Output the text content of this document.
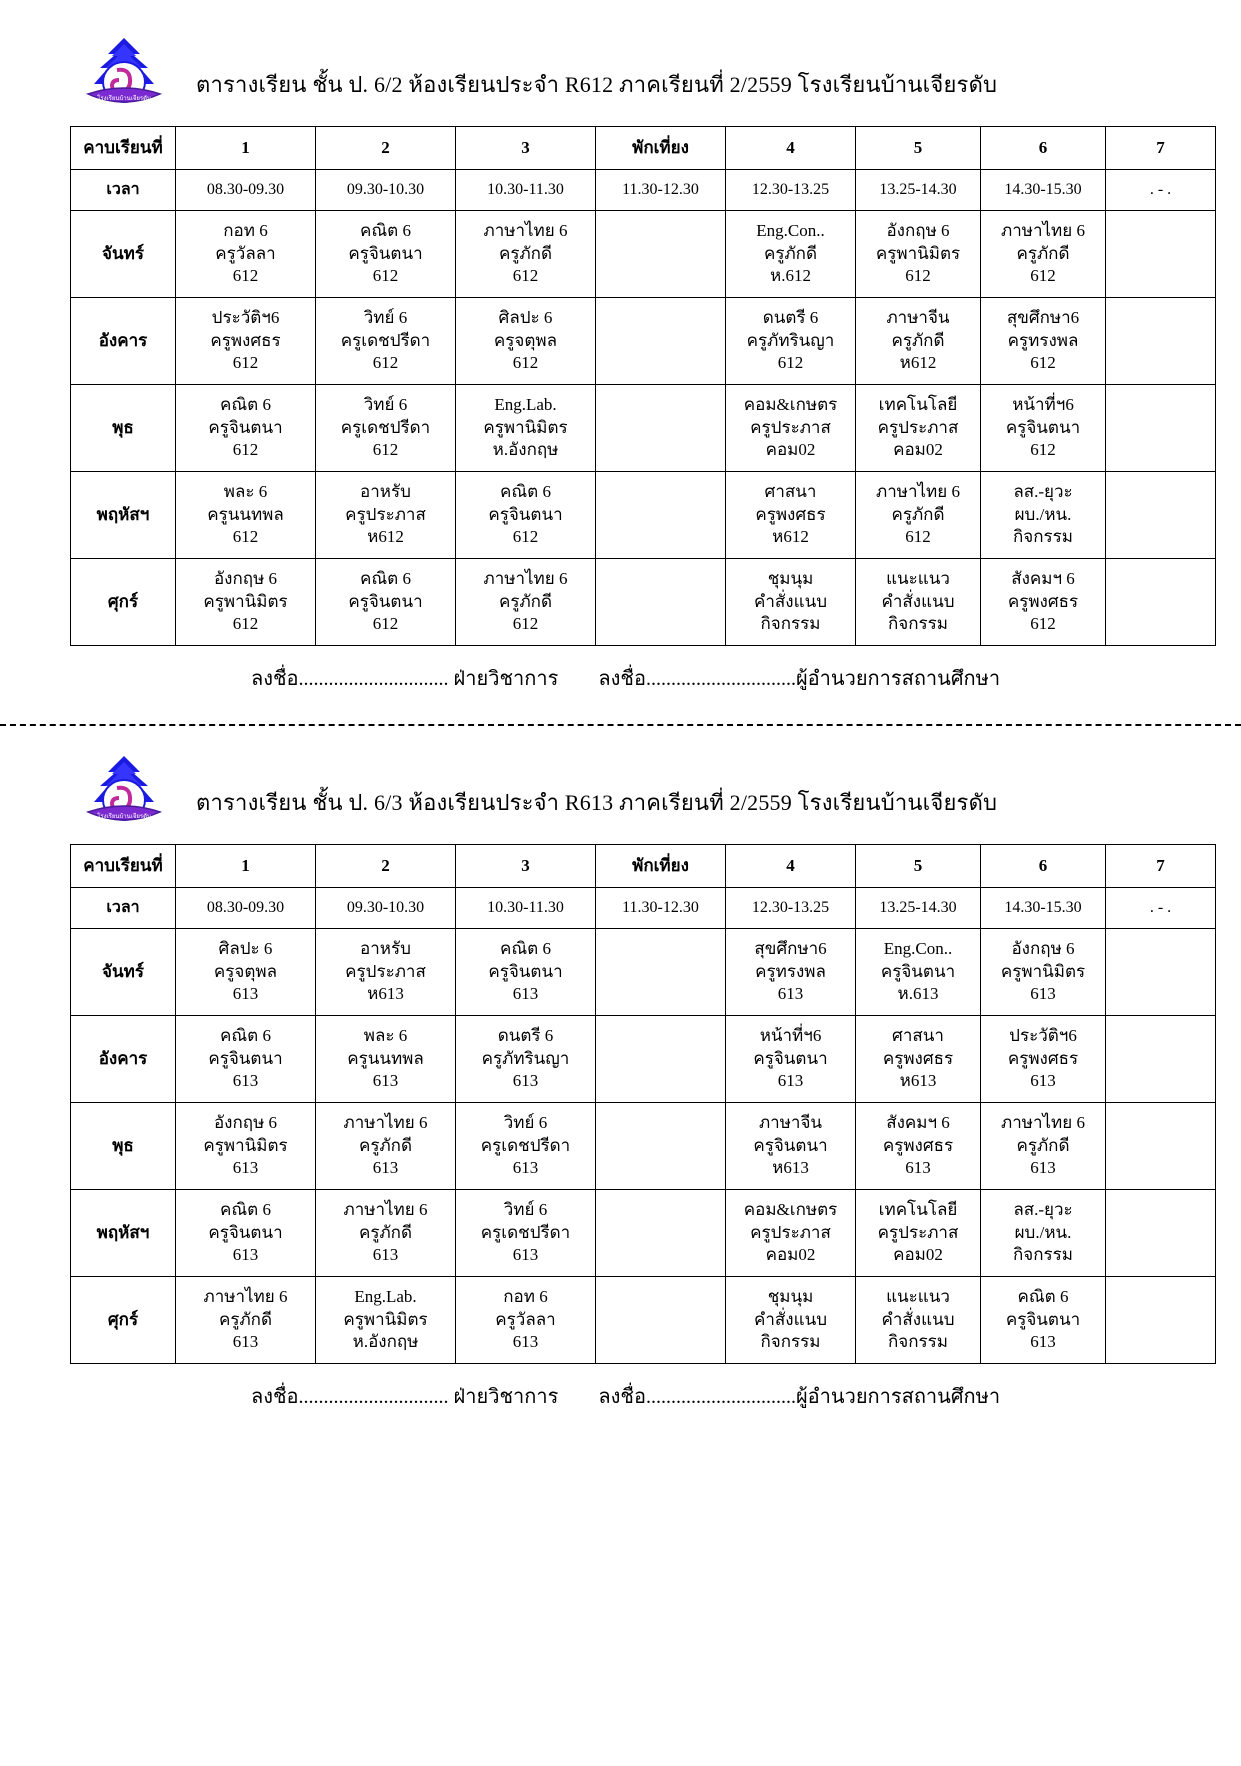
โรงเรียนบ้านเจียรดับ
ตารางเรียน ชั้น ป. 6/2 ห้องเรียนประจำ R612 ภาคเรียนที่ 2/2559 โรงเรียนบ้านเจียรดับ
คาบเรียนที่	1	2	3	พักเที่ยง	4	5	6	7
เวลา	08.30-09.30	09.30-10.30	10.30-11.30	11.30-12.30	12.30-13.25	13.25-14.30	14.30-15.30	. - .
จันทร์	กอท 6
ครูวัลลา
612	คณิต 6
ครูจินตนา
612	ภาษาไทย 6
ครูภักดี
612		Eng.Con..
ครูภักดี
ห.612	อังกฤษ 6
ครูพานิมิตร
612	ภาษาไทย 6
ครูภักดี
612	

อังคาร	ประวัติฯ6
ครูพงศธร
612	วิทย์ 6
ครูเดชปรีดา
612	ศิลปะ 6
ครูจตุพล
612		ดนตรี 6
ครูภัทรินญา
612	ภาษาจีน
ครูภักดี
ห612	สุขศึกษา6
ครูทรงพล
612	

พุธ	คณิต 6
ครูจินตนา
612	วิทย์ 6
ครูเดชปรีดา
612	Eng.Lab.
ครูพานิมิตร
ห.อังกฤษ		คอม&เกษตร
ครูประภาส
คอม02	เทคโนโลยี
ครูประภาส
คอม02	หน้าที่ฯ6
ครูจินตนา
612	

พฤหัสฯ	พละ 6
ครูนนทพล
612	อาหรับ
ครูประภาส
ห612	คณิต 6
ครูจินตนา
612		ศาสนา
ครูพงศธร
ห612	ภาษาไทย 6
ครูภักดี
612	ลส.-ยุวะ
ผบ./หน.
กิจกรรม	

ศุกร์	อังกฤษ 6
ครูพานิมิตร
612	คณิต 6
ครูจินตนา
612	ภาษาไทย 6
ครูภักดี
612		ชุมนุม
คำสั่งแนบ
กิจกรรม	แนะแนว
คำสั่งแนบ
กิจกรรม	สังคมฯ 6
ครูพงศธร
612	

ลงชื่อ.............................. ฝ่ายวิชาการ ลงชื่อ..............................ผู้อำนวยการสถานศึกษา
โรงเรียนบ้านเจียรดับ
ตารางเรียน ชั้น ป. 6/3 ห้องเรียนประจำ R613 ภาคเรียนที่ 2/2559 โรงเรียนบ้านเจียรดับ
คาบเรียนที่	1	2	3	พักเที่ยง	4	5	6	7
เวลา	08.30-09.30	09.30-10.30	10.30-11.30	11.30-12.30	12.30-13.25	13.25-14.30	14.30-15.30	. - .
จันทร์	ศิลปะ 6
ครูจตุพล
613	อาหรับ
ครูประภาส
ห613	คณิต 6
ครูจินตนา
613		สุขศึกษา6
ครูทรงพล
613	Eng.Con..
ครูจินตนา
ห.613	อังกฤษ 6
ครูพานิมิตร
613	

อังคาร	คณิต 6
ครูจินตนา
613	พละ 6
ครูนนทพล
613	ดนตรี 6
ครูภัทรินญา
613		หน้าที่ฯ6
ครูจินตนา
613	ศาสนา
ครูพงศธร
ห613	ประวัติฯ6
ครูพงศธร
613	

พุธ	อังกฤษ 6
ครูพานิมิตร
613	ภาษาไทย 6
ครูภักดี
613	วิทย์ 6
ครูเดชปรีดา
613		ภาษาจีน
ครูจินตนา
ห613	สังคมฯ 6
ครูพงศธร
613	ภาษาไทย 6
ครูภักดี
613	

พฤหัสฯ	คณิต 6
ครูจินตนา
613	ภาษาไทย 6
ครูภักดี
613	วิทย์ 6
ครูเดชปรีดา
613		คอม&เกษตร
ครูประภาส
คอม02	เทคโนโลยี
ครูประภาส
คอม02	ลส.-ยุวะ
ผบ./หน.
กิจกรรม	

ศุกร์	ภาษาไทย 6
ครูภักดี
613	Eng.Lab.
ครูพานิมิตร
ห.อังกฤษ	กอท 6
ครูวัลลา
613		ชุมนุม
คำสั่งแนบ
กิจกรรม	แนะแนว
คำสั่งแนบ
กิจกรรม	คณิต 6
ครูจินตนา
613	

ลงชื่อ.............................. ฝ่ายวิชาการ ลงชื่อ..............................ผู้อำนวยการสถานศึกษา
